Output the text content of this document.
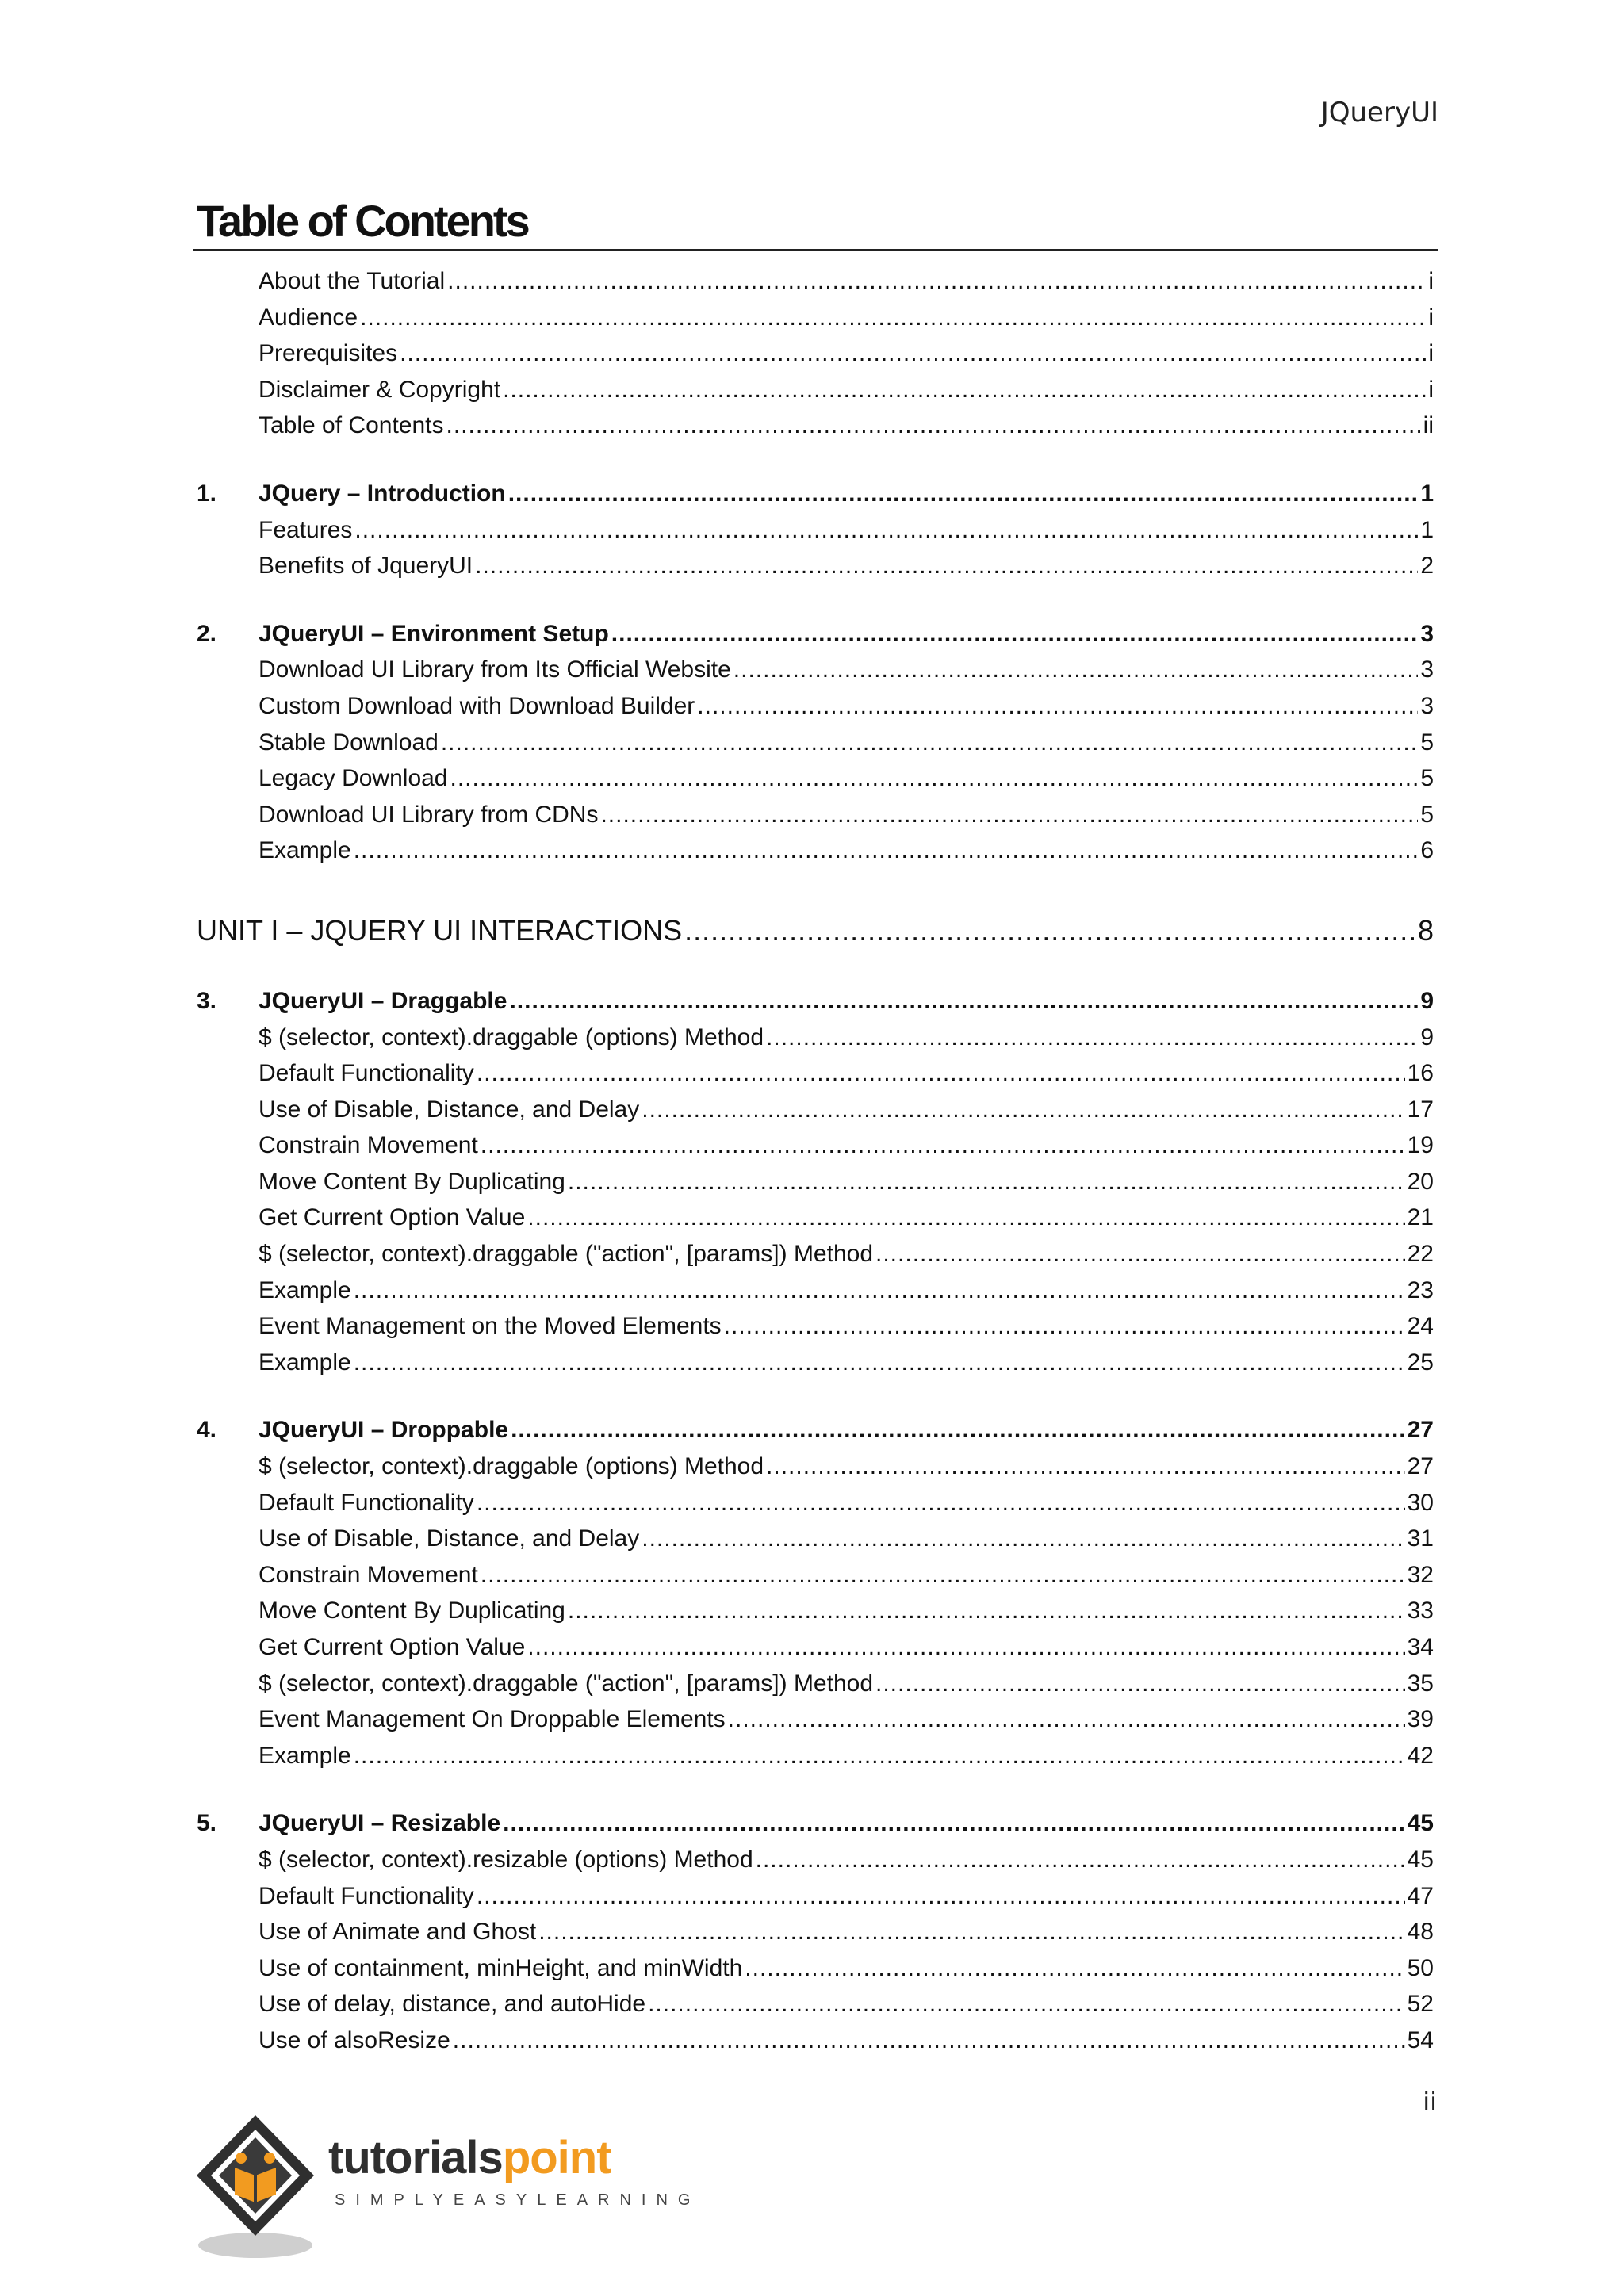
JQueryUI
Table of Contents
About the Tutorial .....	i
Audience .....	i
Prerequisites .....	i
Disclaimer & Copyright .....	i
Table of Contents .....	ii
1.	JQuery – Introduction .....	1
Features .....	1
Benefits of JqueryUI .....	2
2.	JQueryUI – Environment Setup .....	3
Download UI Library from Its Official Website .....	3
Custom Download with Download Builder .....	3
Stable Download .....	5
Legacy Download .....	5
Download UI Library from CDNs .....	5
Example .....	6
UNIT I – JQUERY UI INTERACTIONS .....	8
3.	JQueryUI – Draggable .....	9
$ (selector, context).draggable (options) Method .....	9
Default Functionality .....	16
Use of Disable, Distance, and Delay .....	17
Constrain Movement .....	19
Move Content By Duplicating .....	20
Get Current Option Value .....	21
$ (selector, context).draggable ("action", [params]) Method .....	22
Example .....	23
Event Management on the Moved Elements .....	24
Example .....	25
4.	JQueryUI – Droppable .....	27
$ (selector, context).draggable (options) Method .....	27
Default Functionality .....	30
Use of Disable, Distance, and Delay .....	31
Constrain Movement .....	32
Move Content By Duplicating .....	33
Get Current Option Value .....	34
$ (selector, context).draggable ("action", [params]) Method .....	35
Event Management On Droppable Elements .....	39
Example .....	42
5.	JQueryUI – Resizable .....	45
$ (selector, context).resizable (options) Method .....	45
Default Functionality .....	47
Use of Animate and Ghost .....	48
Use of containment, minHeight, and minWidth .....	50
Use of delay, distance, and autoHide .....	52
Use of alsoResize .....	54
ii
tutorialspoint
SIMPLYEASYLEARNING
